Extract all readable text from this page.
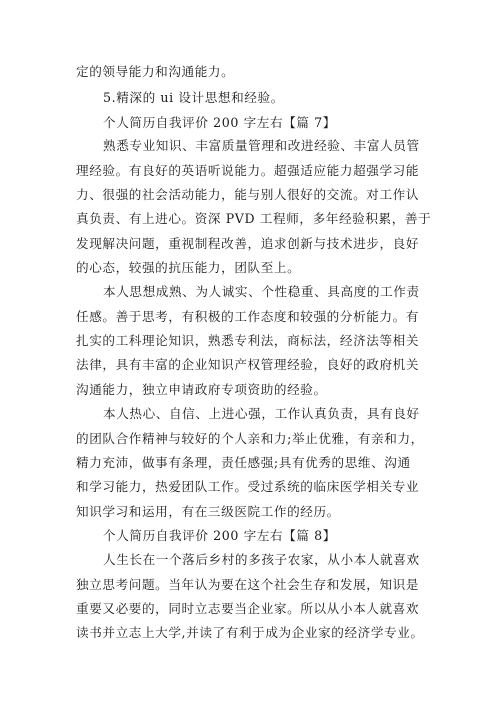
定的领导能力和沟通能力。
5.精深的 ui 设计思想和经验。
个人简历自我评价 200 字左右【篇 7】
熟悉专业知识、丰富质量管理和改进经验、丰富人员管
理经验。有良好的英语听说能力。超强适应能力超强学习能
力、很强的社会活动能力，能与别人很好的交流。对工作认
真负责、有上进心。资深 PVD 工程师，多年经验积累，善于
发现解决问题，重视制程改善，追求创新与技术进步，良好
的心态，较强的抗压能力，团队至上。
本人思想成熟、为人诚实、个性稳重、具高度的工作责
任感。善于思考，有积极的工作态度和较强的分析能力。有
扎实的工科理论知识，熟悉专利法，商标法，经济法等相关
法律，具有丰富的企业知识产权管理经验，良好的政府机关
沟通能力，独立申请政府专项资助的经验。
本人热心、自信、上进心强，工作认真负责，具有良好
的团队合作精神与较好的个人亲和力;举止优雅，有亲和力，
精力充沛，做事有条理，责任感强;具有优秀的思维、沟通
和学习能力，热爱团队工作。受过系统的临床医学相关专业
知识学习和运用，有在三级医院工作的经历。
个人简历自我评价 200 字左右【篇 8】
人生长在一个落后乡村的多孩子农家，从小本人就喜欢
独立思考问题。当年认为要在这个社会生存和发展，知识是
重要又必要的，同时立志要当企业家。所以从小本人就喜欢
读书并立志上大学,并读了有利于成为企业家的经济学专业。
